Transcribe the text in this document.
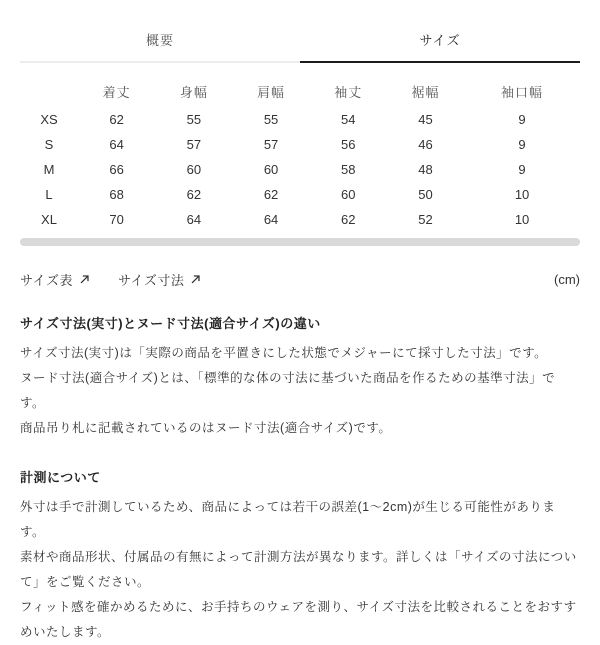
概要	サイズ
	着丈	身幅	肩幅	袖丈	裾幅	袖口幅
XS	62	55	55	54	45	9
S	64	57	57	56	46	9
M	66	60	60	58	48	9
L	68	62	62	60	50	10
XL	70	64	64	62	52	10
サイズ表	サイズ寸法	(cm)
サイズ寸法(実寸)とヌード寸法(適合サイズ)の違い

サイズ寸法(実寸)は「実際の商品を平置きにした状態でメジャーにて採寸した寸法」です。

ヌード寸法(適合サイズ)とは、「標準的な体の寸法に基づいた商品を作るための基準寸法」です。

商品吊り札に記載されているのはヌード寸法(適合サイズ)です。

計測について

外寸は手で計測しているため、商品によっては若干の誤差(1〜2cm)が生じる可能性があります。

素材や商品形状、付属品の有無によって計測方法が異なります。詳しくは「サイズの寸法について」をご覧ください。

フィット感を確かめるために、お手持ちのウェアを測り、サイズ寸法を比較されることをおすすめいたします。
